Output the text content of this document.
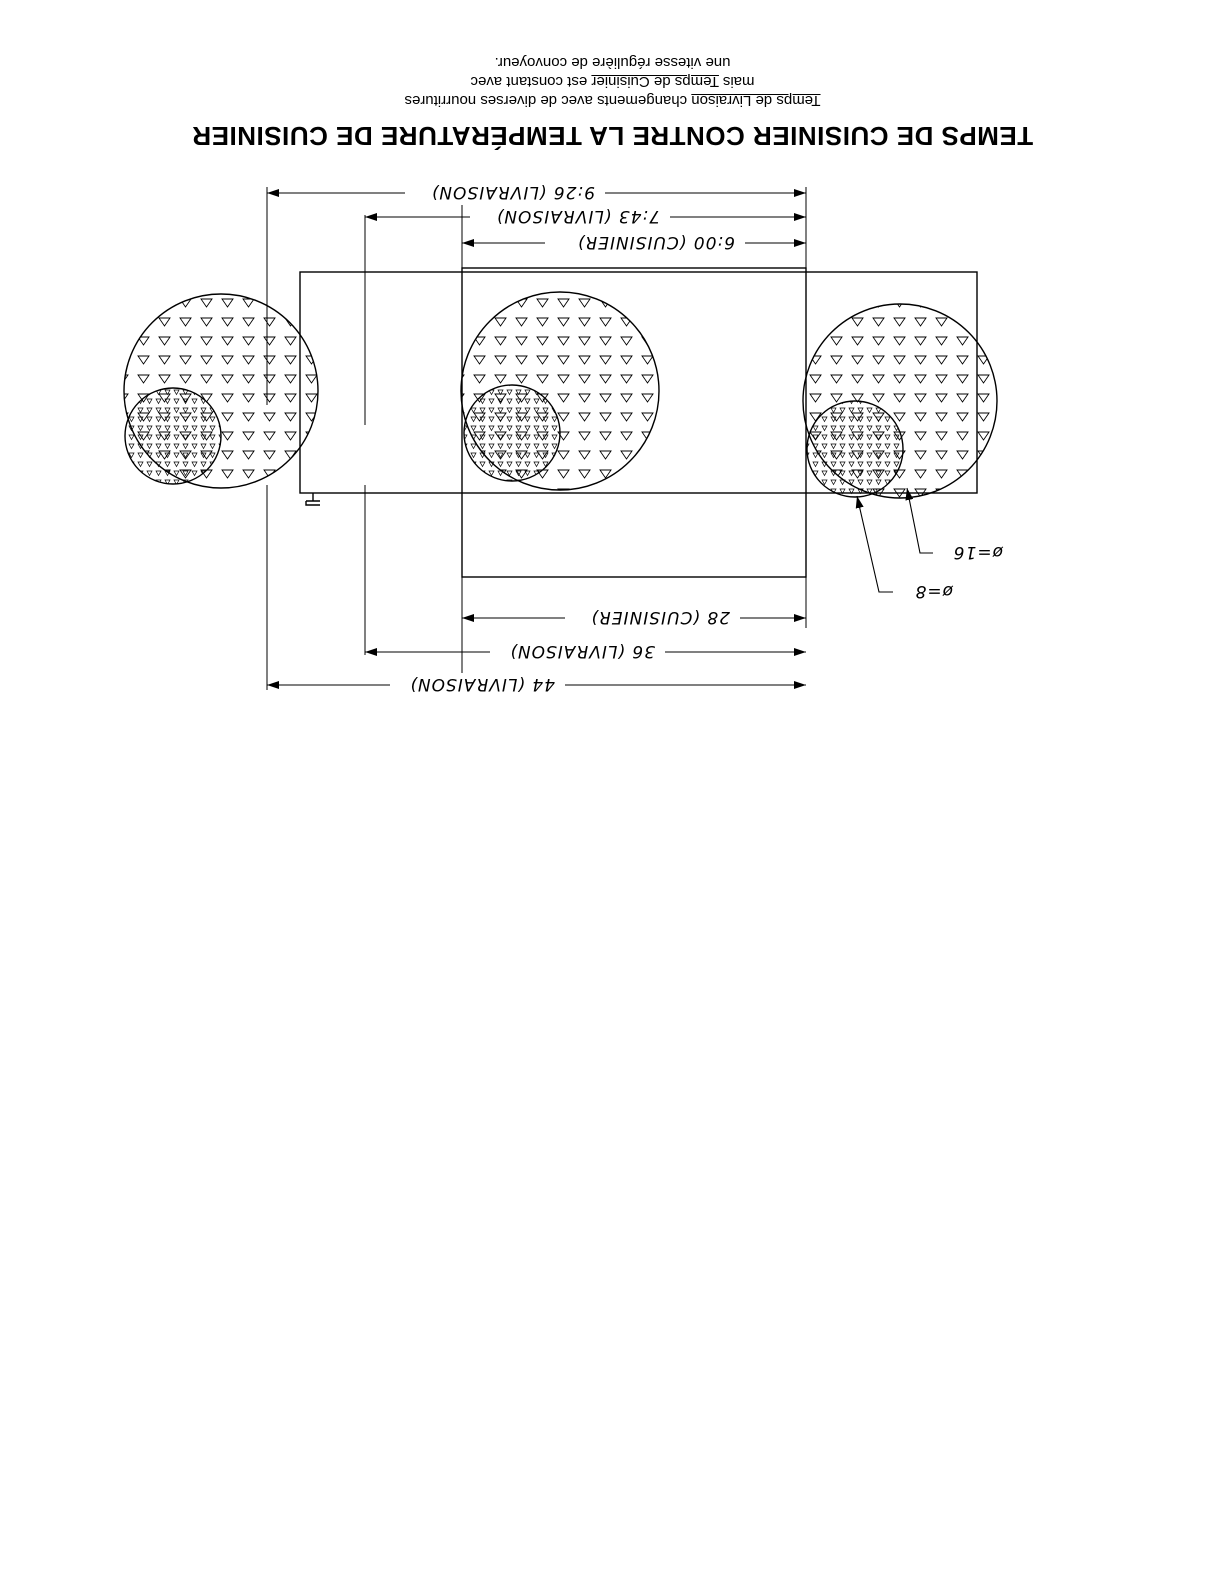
TEMPS DE CUISINIER CONTRE LA TEMPÉRATURE DE CUISINIER
Temps de Livraison changements avec de diverses nourritures
mais Temps de Cuisinier est constant avec
une vitesse régulière de convoyeur.
6:00 (CUISINIER)
7:43 (LIVRAISON)
9:26 (LIVRAISON)
28 (CUISINIER)
36 (LIVRAISON)
44 (LIVRAISON)
ø=16
ø=8
